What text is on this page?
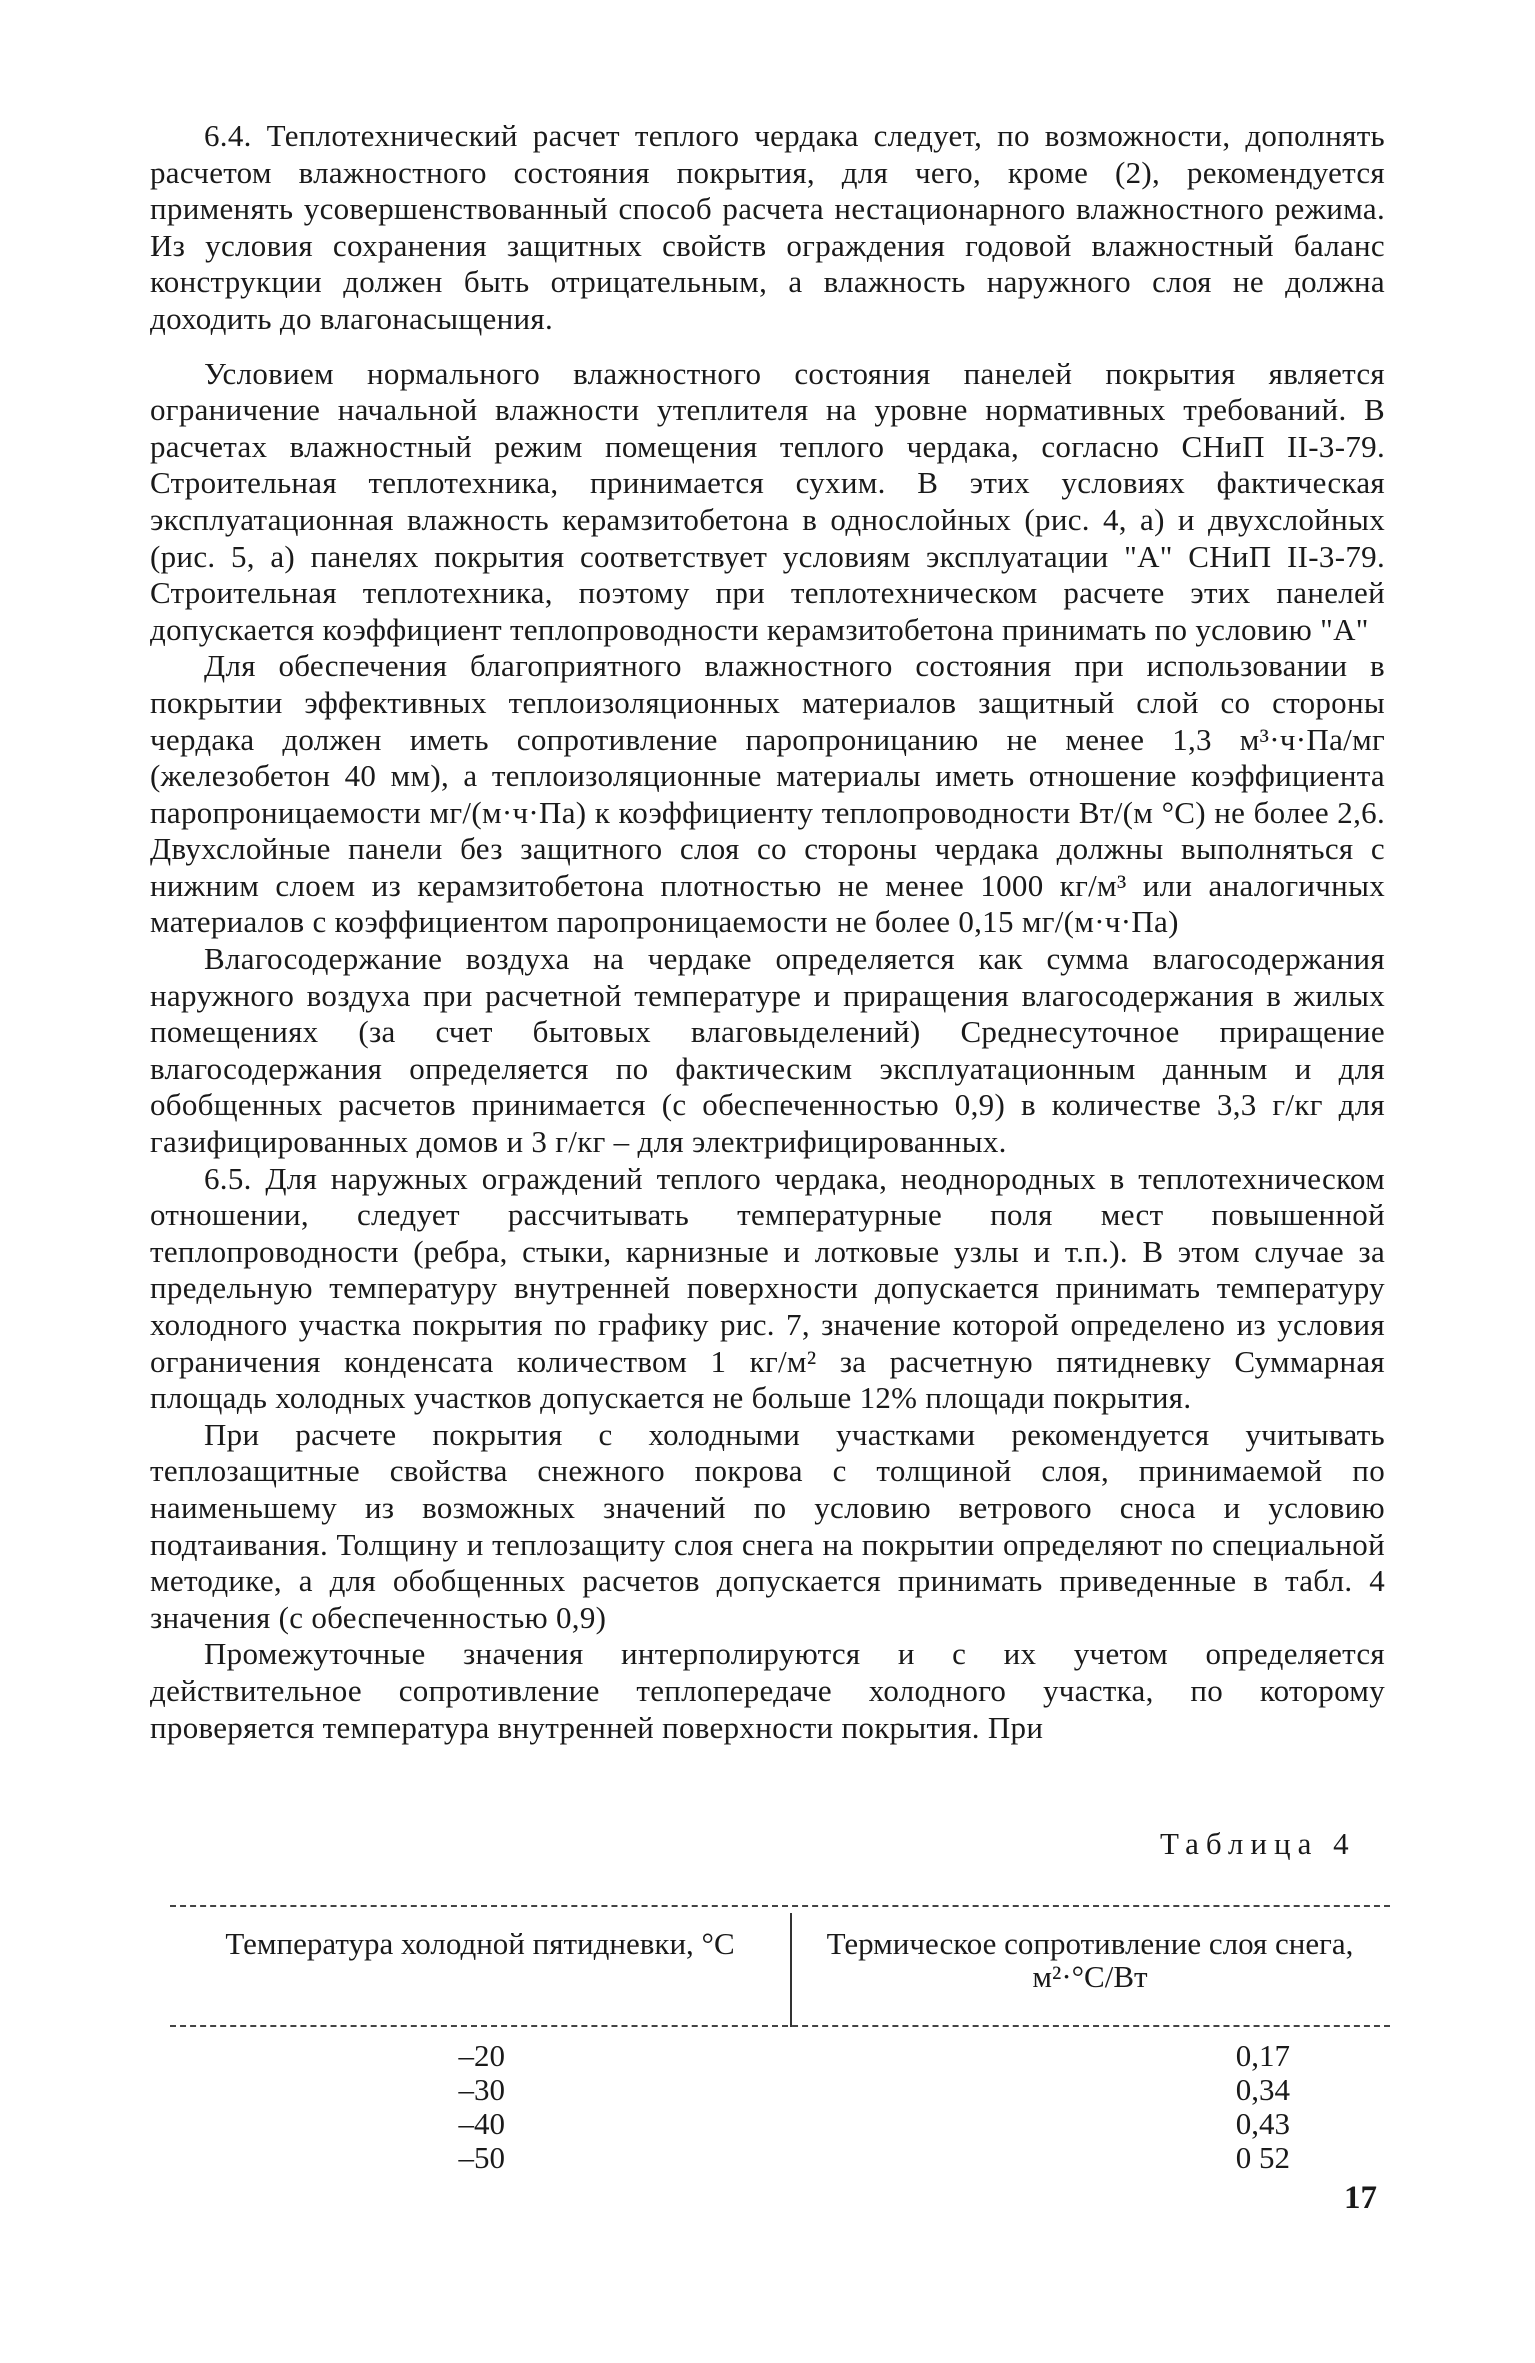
6.4. Теплотехнический расчет теплого чердака следует, по возможности, дополнять расчетом влажностного состояния покрытия, для чего, кроме (2), рекомендуется применять усовершенствованный способ расчета нестационарного влажностного режима. Из условия сохранения защитных свойств ограждения годовой влажностный баланс конструкции должен быть отрицательным, а влажность наружного слоя не должна доходить до влагонасыщения.

Условием нормального влажностного состояния панелей покрытия является ограничение начальной влажности утеплителя на уровне нормативных требований. В расчетах влажностный режим помещения теплого чердака, согласно СНиП II-3-79. Строительная теплотехника, принимается сухим. В этих условиях фактическая эксплуатационная влажность керамзитобетона в однослойных (рис. 4, а) и двухслойных (рис. 5, а) панелях покрытия соответствует условиям эксплуатации "А" СНиП II-3-79. Строительная теплотехника, поэтому при теплотехническом расчете этих панелей допускается коэффициент теплопроводности керамзитобетона принимать по условию "А"

Для обеспечения благоприятного влажностного состояния при использовании в покрытии эффективных теплоизоляционных материалов защитный слой со стороны чердака должен иметь сопротивление паропроницанию не менее 1,3 м³·ч·Па/мг (железобетон 40 мм), а теплоизоляционные материалы иметь отношение коэффициента паропроницаемости мг/(м·ч·Па) к коэффициенту теплопроводности Вт/(м °С) не более 2,6. Двухслойные панели без защитного слоя со стороны чердака должны выполняться с нижним слоем из керамзитобетона плотностью не менее 1000 кг/м³ или аналогичных материалов с коэффициентом паропроницаемости не более 0,15 мг/(м·ч·Па)

Влагосодержание воздуха на чердаке определяется как сумма влагосодержания наружного воздуха при расчетной температуре и приращения влагосодержания в жилых помещениях (за счет бытовых влаговыделений) Среднесуточное приращение влагосодержания определяется по фактическим эксплуатационным данным и для обобщенных расчетов принимается (с обеспеченностью 0,9) в количестве 3,3 г/кг для газифицированных домов и 3 г/кг – для электрифицированных.

6.5. Для наружных ограждений теплого чердака, неоднородных в теплотехническом отношении, следует рассчитывать температурные поля мест повышенной теплопроводности (ребра, стыки, карнизные и лотковые узлы и т.п.). В этом случае за предельную температуру внутренней поверхности допускается принимать температуру холодного участка покрытия по графику рис. 7, значение которой определено из условия ограничения конденсата количеством 1 кг/м² за расчетную пятидневку Суммарная площадь холодных участков допускается не больше 12% площади покрытия.

При расчете покрытия с холодными участками рекомендуется учитывать теплозащитные свойства снежного покрова с толщиной слоя, принимаемой по наименьшему из возможных значений по условию ветрового сноса и условию подтаивания. Толщину и теплозащиту слоя снега на покрытии определяют по специальной методике, а для обобщенных расчетов допускается принимать приведенные в табл. 4 значения (с обеспеченностью 0,9)

Промежуточные значения интерполируются и с их учетом определяется действительное сопротивление теплопередаче холодного участка, по которому проверяется температура внутренней поверхности покрытия. При

Таблица 4
Температура холодной пятидневки, °С	Термическое сопротивление слоя снега, м²·°С/Вт
–20	0,17
–30	0,34
–40	0,43
–50	0 52
17
